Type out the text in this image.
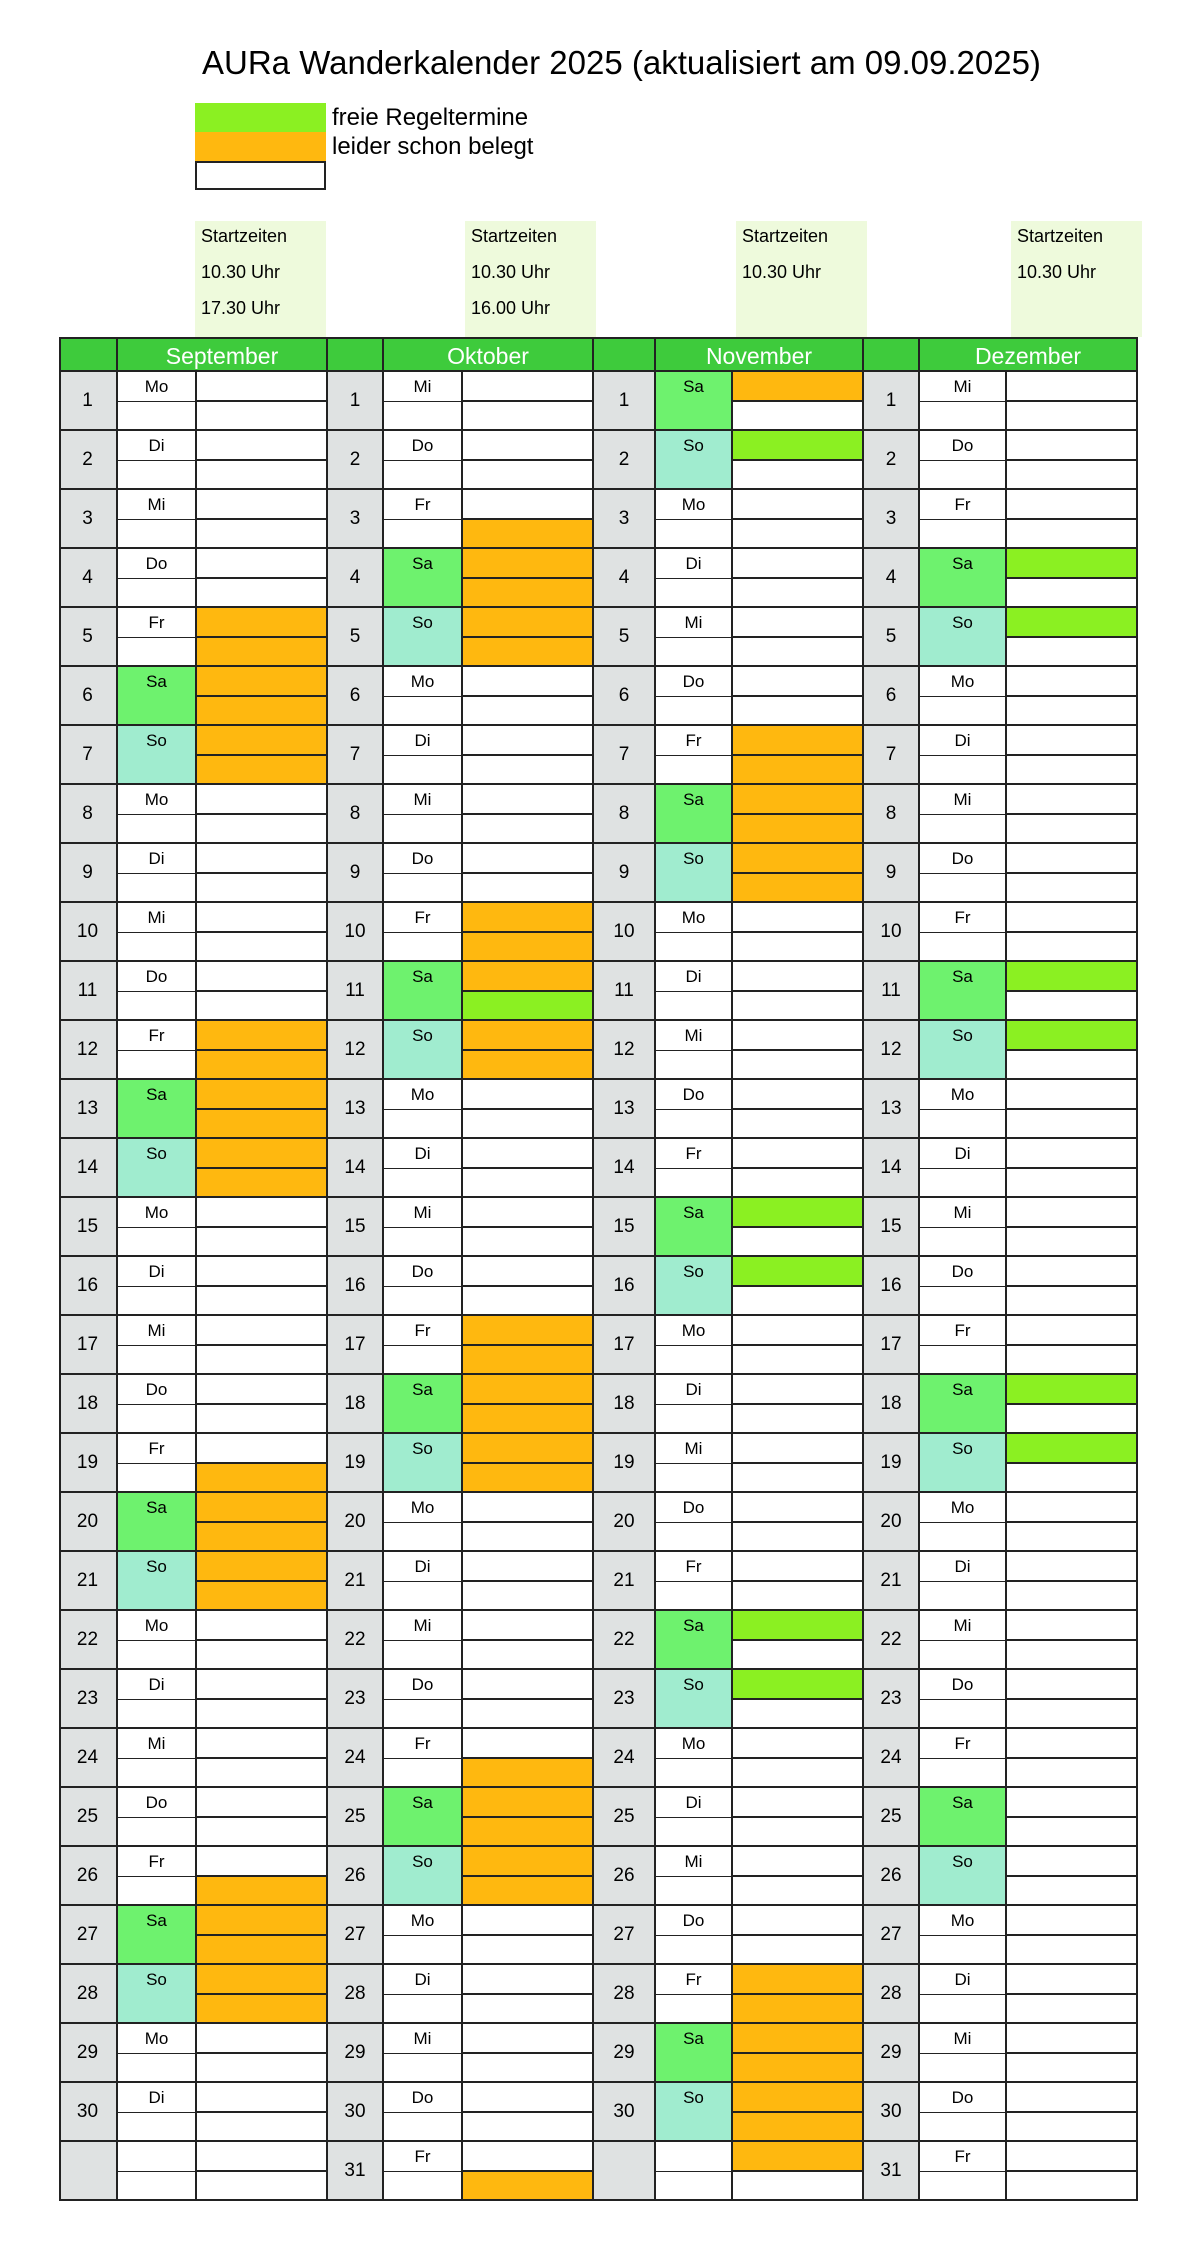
AURa Wanderkalender 2025 (aktualisiert am 09.09.2025)
freie Regeltermine
leider schon belegt
Startzeiten
10.30 Uhr
17.30 Uhr
Startzeiten
10.30 Uhr
16.00 Uhr
Startzeiten
10.30 Uhr
Startzeiten
10.30 Uhr
September
1
Mo
2
Di
3
Mi
4
Do
5
Fr
6
Sa
7
So
8
Mo
9
Di
10
Mi
11
Do
12
Fr
13
Sa
14
So
15
Mo
16
Di
17
Mi
18
Do
19
Fr
20
Sa
21
So
22
Mo
23
Di
24
Mi
25
Do
26
Fr
27
Sa
28
So
29
Mo
30
Di
Oktober
1
Mi
2
Do
3
Fr
4
Sa
5
So
6
Mo
7
Di
8
Mi
9
Do
10
Fr
11
Sa
12
So
13
Mo
14
Di
15
Mi
16
Do
17
Fr
18
Sa
19
So
20
Mo
21
Di
22
Mi
23
Do
24
Fr
25
Sa
26
So
27
Mo
28
Di
29
Mi
30
Do
31
Fr
November
1
Sa
2
So
3
Mo
4
Di
5
Mi
6
Do
7
Fr
8
Sa
9
So
10
Mo
11
Di
12
Mi
13
Do
14
Fr
15
Sa
16
So
17
Mo
18
Di
19
Mi
20
Do
21
Fr
22
Sa
23
So
24
Mo
25
Di
26
Mi
27
Do
28
Fr
29
Sa
30
So
Dezember
1
Mi
2
Do
3
Fr
4
Sa
5
So
6
Mo
7
Di
8
Mi
9
Do
10
Fr
11
Sa
12
So
13
Mo
14
Di
15
Mi
16
Do
17
Fr
18
Sa
19
So
20
Mo
21
Di
22
Mi
23
Do
24
Fr
25
Sa
26
So
27
Mo
28
Di
29
Mi
30
Do
31
Fr
